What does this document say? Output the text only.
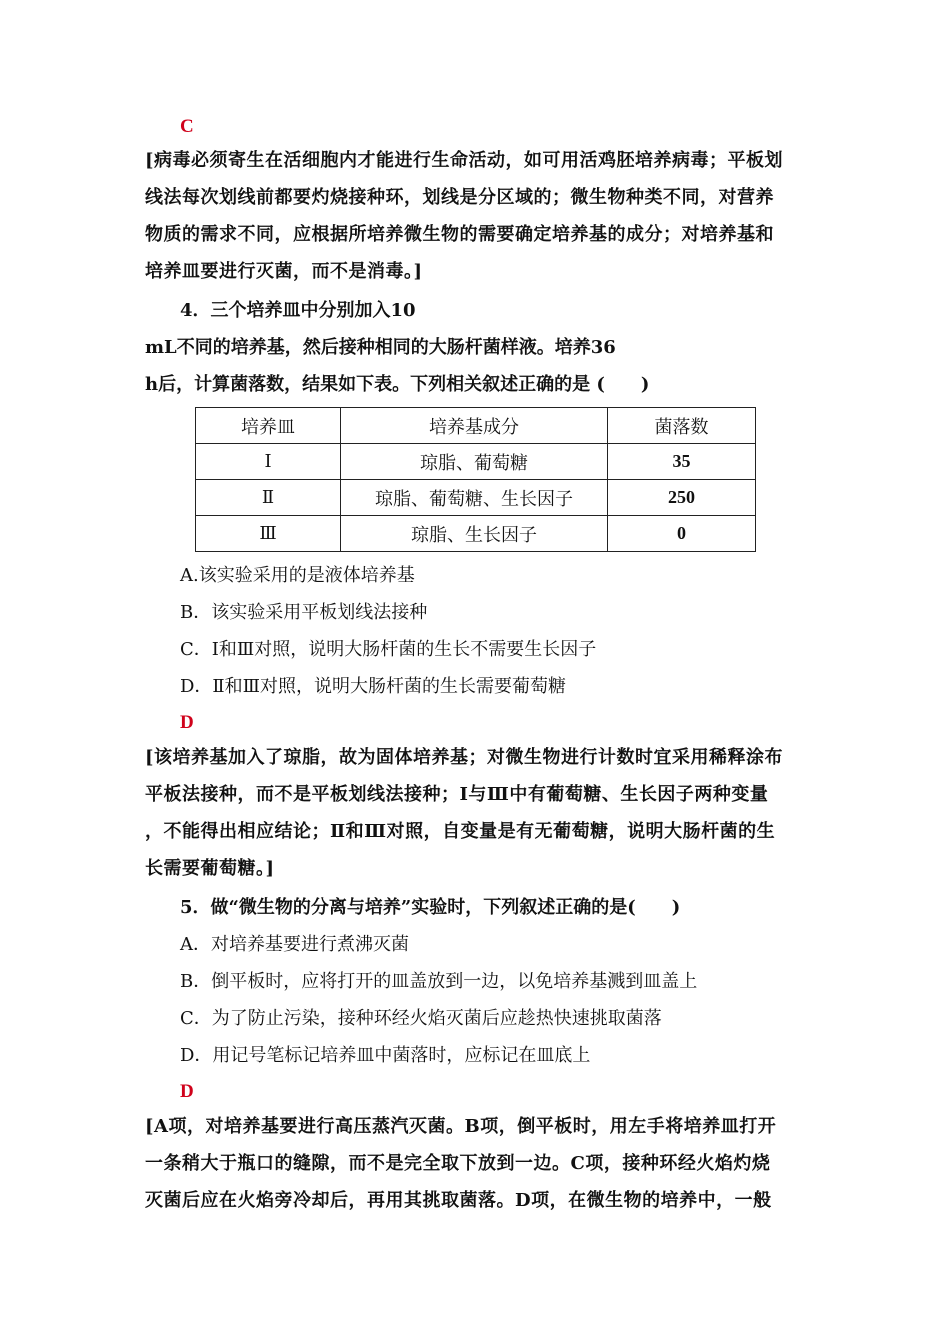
C
[病毒必须寄生在活细胞内才能进行生命活动，如可用活鸡胚培养病毒；平板划
线法每次划线前都要灼烧接种环，划线是分区域的；微生物种类不同，对营养
物质的需求不同，应根据所培养微生物的需要确定培养基的成分；对培养基和
培养皿要进行灭菌，而不是消毒。]
4．三个培养皿中分别加入10
mL不同的培养基，然后接种相同的大肠杆菌样液。培养36
h后，计算菌落数，结果如下表。下列相关叙述正确的是 (　　)
培养皿	培养基成分	菌落数
Ⅰ	琼脂、葡萄糖	35
Ⅱ	琼脂、葡萄糖、生长因子	250
Ⅲ	琼脂、生长因子	0
A.该实验采用的是液体培养基
B．该实验采用平板划线法接种
C．Ⅰ和Ⅲ对照，说明大肠杆菌的生长不需要生长因子
D．Ⅱ和Ⅲ对照，说明大肠杆菌的生长需要葡萄糖
D
[该培养基加入了琼脂，故为固体培养基；对微生物进行计数时宜采用稀释涂布
平板法接种，而不是平板划线法接种；Ⅰ与Ⅲ中有葡萄糖、生长因子两种变量
，不能得出相应结论；Ⅱ和Ⅲ对照，自变量是有无葡萄糖，说明大肠杆菌的生
长需要葡萄糖。]
5．做“微生物的分离与培养”实验时，下列叙述正确的是(　　)
A．对培养基要进行煮沸灭菌
B．倒平板时，应将打开的皿盖放到一边，以免培养基溅到皿盖上
C．为了防止污染，接种环经火焰灭菌后应趁热快速挑取菌落
D．用记号笔标记培养皿中菌落时，应标记在皿底上
D
[A项，对培养基要进行高压蒸汽灭菌。B项，倒平板时，用左手将培养皿打开
一条稍大于瓶口的缝隙，而不是完全取下放到一边。C项，接种环经火焰灼烧
灭菌后应在火焰旁冷却后，再用其挑取菌落。D项，在微生物的培养中，一般
